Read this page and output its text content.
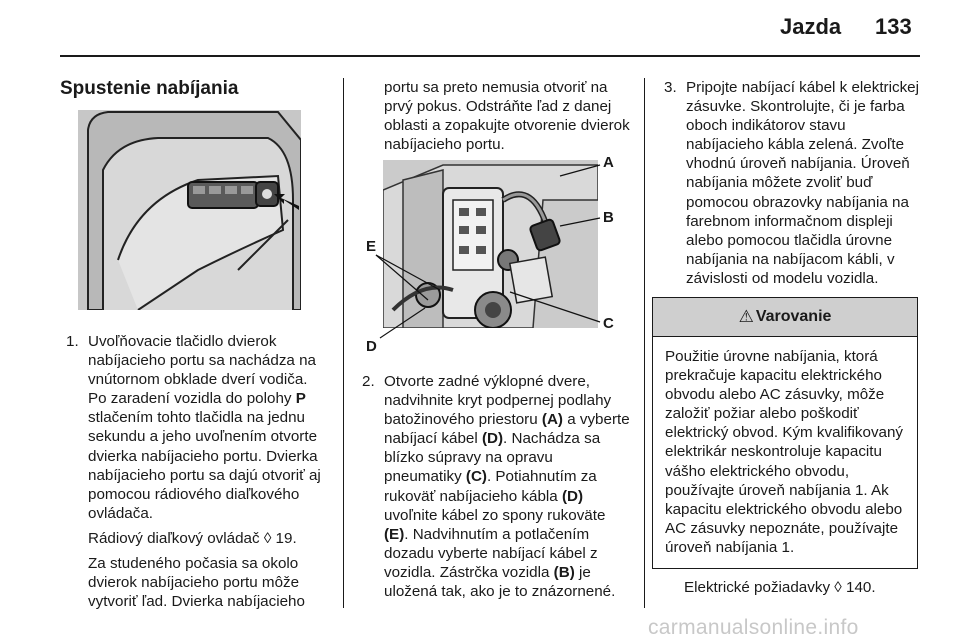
Jazda 133
Spustenie nabíjania

1. Uvoľňovacie tlačidlo dvierok nabíjacieho portu sa nachádza na vnútornom obklade dverí vodiča. Po zaradení vozidla do polohy P stlačením tohto tlačidla na jednu sekundu a jeho uvoľnením otvorte dvierka nabíjacieho portu. Dvierka nabíjacieho portu sa dajú otvoriť aj pomocou rádiového diaľkového ovládača.

Rádiový diaľkový ovládač ◊ 19.

Za studeného počasia sa okolo dvierok nabíjacieho portu môže vytvoriť ľad. Dvierka nabíjacieho

portu sa preto nemusia otvoriť na prvý pokus. Odstráňte ľad z danej oblasti a zopakujte otvorenie dvierok nabíjacieho portu.

A
B
C
D
E

2. Otvorte zadné výklopné dvere, nadvihnite kryt podpernej podlahy batožinového priestoru (A) a vyberte nabíjací kábel (D). Nachádza sa blízko súpravy na opravu pneumatiky (C). Potiahnutím za rukoväť nabíjacieho kábla (D) uvoľnite kábel zo spony rukoväte (E). Nadvihnutím a potlačením dozadu vyberte nabíjací kábel z vozidla. Zástrčka vozidla (B) je uložená tak, ako je to znázornené.

3. Pripojte nabíjací kábel k elektrickej zásuvke. Skontrolujte, či je farba oboch indikátorov stavu nabíjacieho kábla zelená. Zvoľte vhodnú úroveň nabíjania. Úroveň nabíjania môžete zvoliť buď pomocou obrazovky nabíjania na farebnom informačnom displeji alebo pomocou tlačidla úrovne nabíjania na nabíjacom kábli, v závislosti od modelu vozidla.

⚠ Varovanie
Použitie úrovne nabíjania, ktorá prekračuje kapacitu elektrického obvodu alebo AC zásuvky, môže založiť požiar alebo poškodiť elektrický obvod. Kým kvalifikovaný elektrikár neskontroluje kapacitu vášho elektrického obvodu, používajte úroveň nabíjania 1. Ak kapacitu elektrického obvodu alebo AC zásuvky nepoznáte, používajte úroveň nabíjania 1.
Elektrické požiadavky ◊ 140.
carmanualsonline.info
